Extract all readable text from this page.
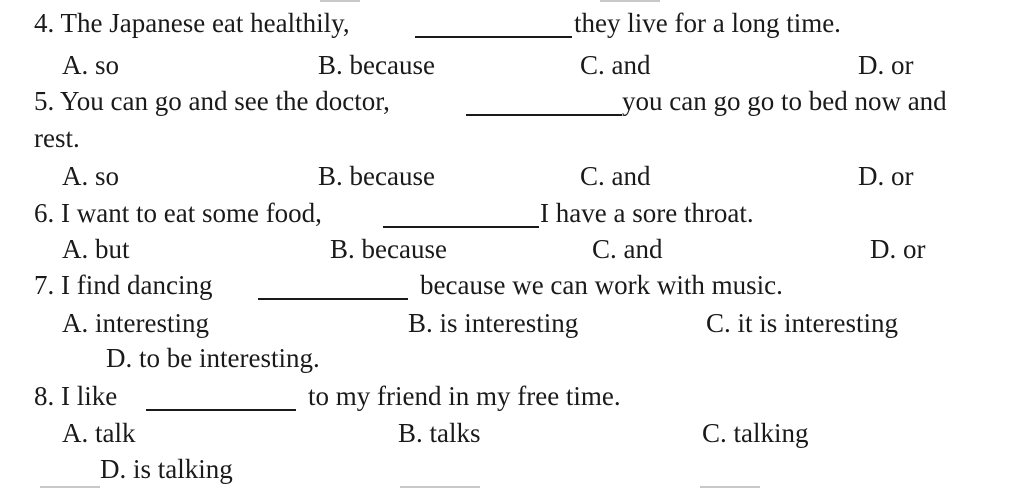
4. The Japanese eat healthily,	they live for a long time.
A. so	B. because	C. and	D. or
5. You can go and see the doctor,	you can go go to bed now and
rest.
A. so	B. because	C. and	D. or
6. I want to eat some food,	I have a sore throat.
A. but	B. because	C. and	D. or
7. I find dancing	because we can work with music.
A. interesting	B. is interesting	C. it is interesting
D. to be interesting.
8. I like	to my friend in my free time.
A. talk	B. talks	C. talking
D. is talking
